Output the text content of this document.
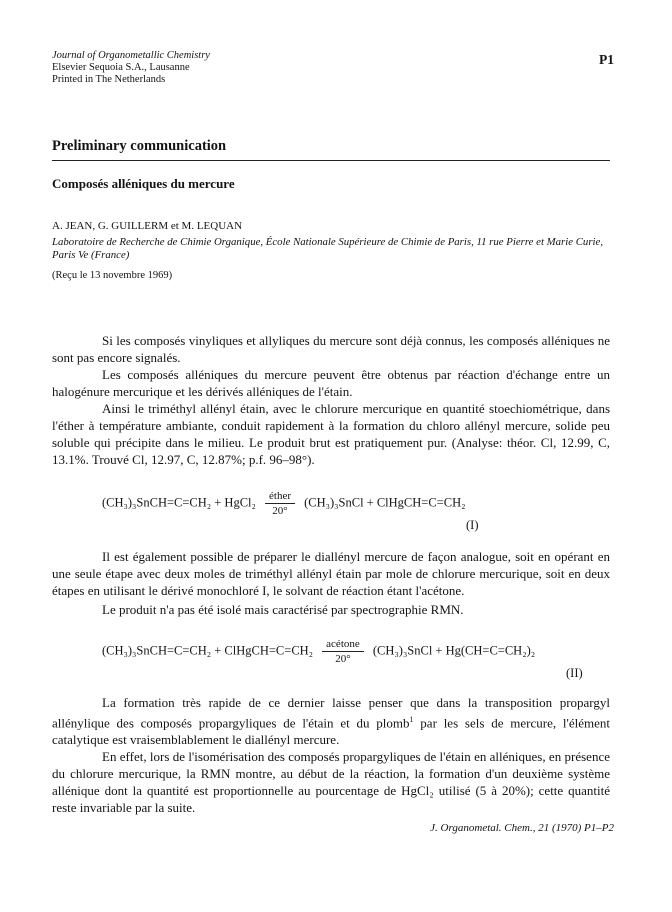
Journal of Organometallic Chemistry
Elsevier Sequoia S.A., Lausanne
Printed in The Netherlands
P1
Preliminary communication
Composés alléniques du mercure
A. JEAN, G. GUILLERM et M. LEQUAN
Laboratoire de Recherche de Chimie Organique, École Nationale Supérieure de Chimie de Paris, 11 rue Pierre et Marie Curie, Paris Ve (France)
(Reçu le 13 novembre 1969)

Si les composés vinyliques et allyliques du mercure sont déjà connus, les composés alléniques ne sont pas encore signalés.

Les composés alléniques du mercure peuvent être obtenus par réaction d'échange entre un halogénure mercurique et les dérivés alléniques de l'étain.

Ainsi le triméthyl allényl étain, avec le chlorure mercurique en quantité stoechiométrique, dans l'éther à température ambiante, conduit rapidement à la formation du chloro allényl mercure, solide peu soluble qui précipite dans le milieu. Le produit brut est pratiquement pur. (Analyse: théor. Cl, 12.99, C, 13.1%. Trouvé Cl, 12.97, C, 12.87%; p.f. 96–98°).

(CH₃)₃SnCH=C=CH₂ + HgCl₂ $\frac{\text{éther}}{20^\circ}$ (CH₃)₃SnCl + ClHgCH=C=CH₂
(I)

Il est également possible de préparer le diallényl mercure de façon analogue, soit en opérant en une seule étape avec deux moles de triméthyl allényl étain par mole de chlorure mercurique, soit en deux étapes en utilisant le dérivé monochloré I, le solvant de réaction étant l'acétone.

Le produit n'a pas été isolé mais caractérisé par spectrographie RMN.

(CH₃)₃SnCH=C=CH₂ + ClHgCH=C=CH₂ $\frac{\text{acétone}}{20^\circ}$ (CH₃)₃SnCl + Hg(CH=C=CH₂)₂
(II)

La formation très rapide de ce dernier laisse penser que dans la transposition propargyl allénylique des composés propargyliques de l'étain et du plomb$^1$ par les sels de mercure, l'élément catalytique est vraisemblablement le diallényl mercure.

En effet, lors de l'isomérisation des composés propargyliques de l'étain en alléniques, en présence du chlorure mercurique, la RMN montre, au début de la réaction, la formation d'un deuxième système allénique dont la quantité est proportionnelle au pourcentage de HgCl₂ utilisé (5 à 20%); cette quantité reste invariable par la suite.

J. Organometal. Chem., 21 (1970) P1–P2
